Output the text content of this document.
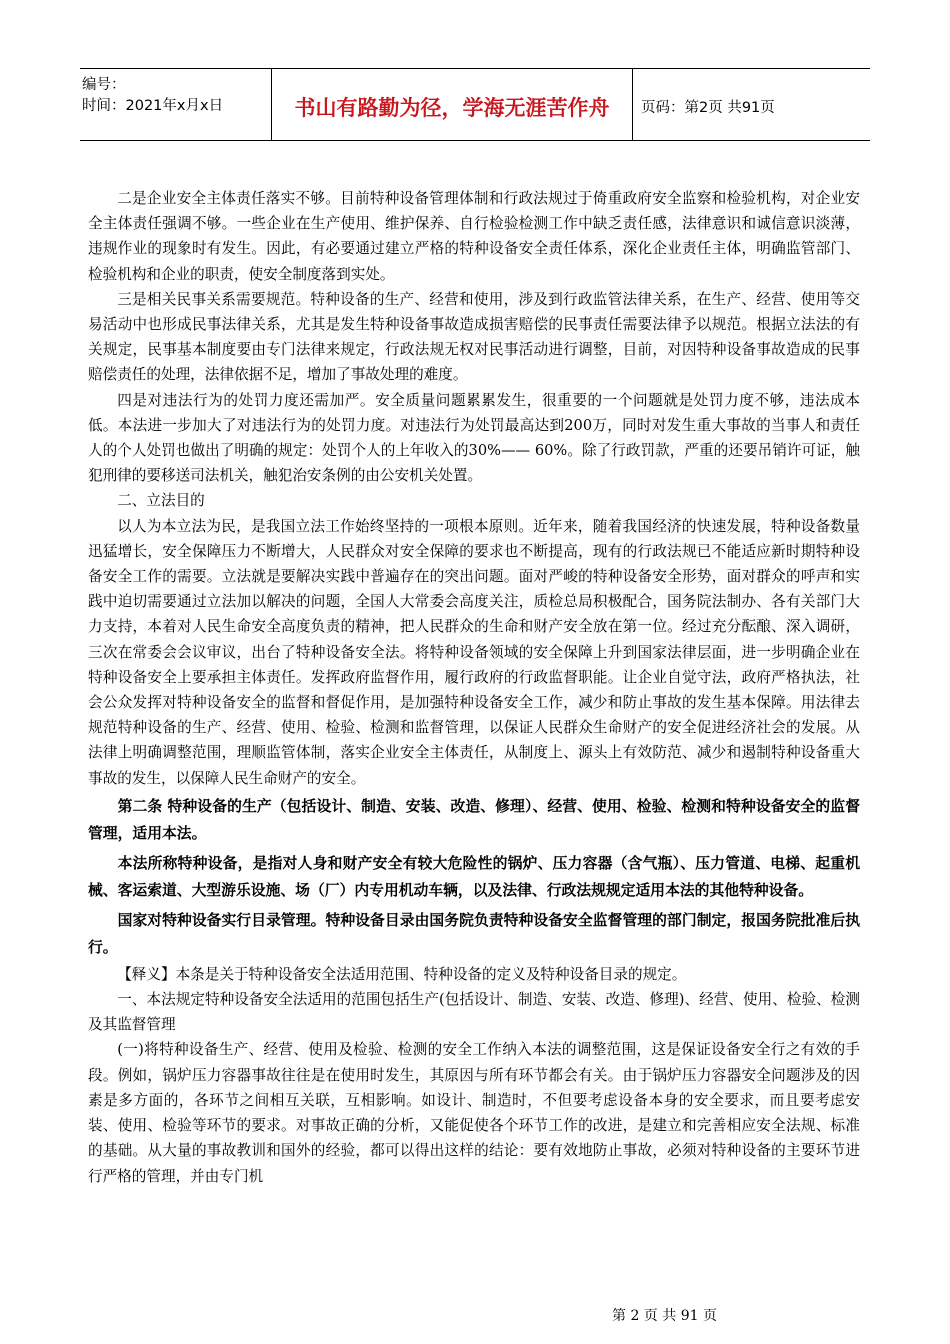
编号：
时间：2021年x月x日	书山有路勤为径，学海无涯苦作舟	页码：第2页 共91页

二是企业安全主体责任落实不够。目前特种设备管理体制和行政法规过于倚重政府安全监察和检验机构，对企业安全主体责任强调不够。一些企业在生产使用、维护保养、自行检验检测工作中缺乏责任感，法律意识和诚信意识淡薄，违规作业的现象时有发生。因此，有必要通过建立严格的特种设备安全责任体系，深化企业责任主体，明确监管部门、检验机构和企业的职责，使安全制度落到实处。

三是相关民事关系需要规范。特种设备的生产、经营和使用，涉及到行政监管法律关系，在生产、经营、使用等交易活动中也形成民事法律关系，尤其是发生特种设备事故造成损害赔偿的民事责任需要法律予以规范。根据立法法的有关规定，民事基本制度要由专门法律来规定，行政法规无权对民事活动进行调整，目前，对因特种设备事故造成的民事赔偿责任的处理，法律依据不足，增加了事故处理的难度。

四是对违法行为的处罚力度还需加严。安全质量问题累累发生，很重要的一个问题就是处罚力度不够，违法成本低。本法进一步加大了对违法行为的处罚力度。对违法行为处罚最高达到200万，同时对发生重大事故的当事人和责任人的个人处罚也做出了明确的规定：处罚个人的上年收入的30%—— 60%。除了行政罚款，严重的还要吊销许可证，触犯刑律的要移送司法机关，触犯治安条例的由公安机关处置。

二、立法目的

以人为本立法为民，是我国立法工作始终坚持的一项根本原则。近年来，随着我国经济的快速发展，特种设备数量迅猛增长，安全保障压力不断增大，人民群众对安全保障的要求也不断提高，现有的行政法规已不能适应新时期特种设备安全工作的需要。立法就是要解决实践中普遍存在的突出问题。面对严峻的特种设备安全形势，面对群众的呼声和实践中迫切需要通过立法加以解决的问题，全国人大常委会高度关注，质检总局积极配合，国务院法制办、各有关部门大力支持，本着对人民生命安全高度负责的精神，把人民群众的生命和财产安全放在第一位。经过充分酝酿、深入调研，三次在常委会会议审议，出台了特种设备安全法。将特种设备领域的安全保障上升到国家法律层面，进一步明确企业在特种设备安全上要承担主体责任。发挥政府监督作用，履行政府的行政监督职能。让企业自觉守法，政府严格执法，社会公众发挥对特种设备安全的监督和督促作用，是加强特种设备安全工作，减少和防止事故的发生基本保障。用法律去规范特种设备的生产、经营、使用、检验、检测和监督管理，以保证人民群众生命财产的安全促进经济社会的发展。从法律上明确调整范围，理顺监管体制，落实企业安全主体责任，从制度上、源头上有效防范、减少和遏制特种设备重大事故的发生，以保障人民生命财产的安全。

第二条 特种设备的生产（包括设计、制造、安装、改造、修理）、经营、使用、检验、检测和特种设备安全的监督管理，适用本法。

本法所称特种设备，是指对人身和财产安全有较大危险性的锅炉、压力容器（含气瓶）、压力管道、电梯、起重机械、客运索道、大型游乐设施、场（厂）内专用机动车辆，以及法律、行政法规规定适用本法的其他特种设备。

国家对特种设备实行目录管理。特种设备目录由国务院负责特种设备安全监督管理的部门制定，报国务院批准后执行。

【释义】本条是关于特种设备安全法适用范围、特种设备的定义及特种设备目录的规定。

一、本法规定特种设备安全法适用的范围包括生产(包括设计、制造、安装、改造、修理)、经营、使用、检验、检测及其监督管理

(一)将特种设备生产、经营、使用及检验、检测的安全工作纳入本法的调整范围，这是保证设备安全行之有效的手段。例如，锅炉压力容器事故往往是在使用时发生，其原因与所有环节都会有关。由于锅炉压力容器安全问题涉及的因素是多方面的，各环节之间相互关联，互相影响。如设计、制造时，不但要考虑设备本身的安全要求，而且要考虑安装、使用、检验等环节的要求。对事故正确的分析，又能促使各个环节工作的改进，是建立和完善相应安全法规、标准的基础。从大量的事故教训和国外的经验，都可以得出这样的结论：要有效地防止事故，必须对特种设备的主要环节进行严格的管理，并由专门机

第 2 页 共 91 页
